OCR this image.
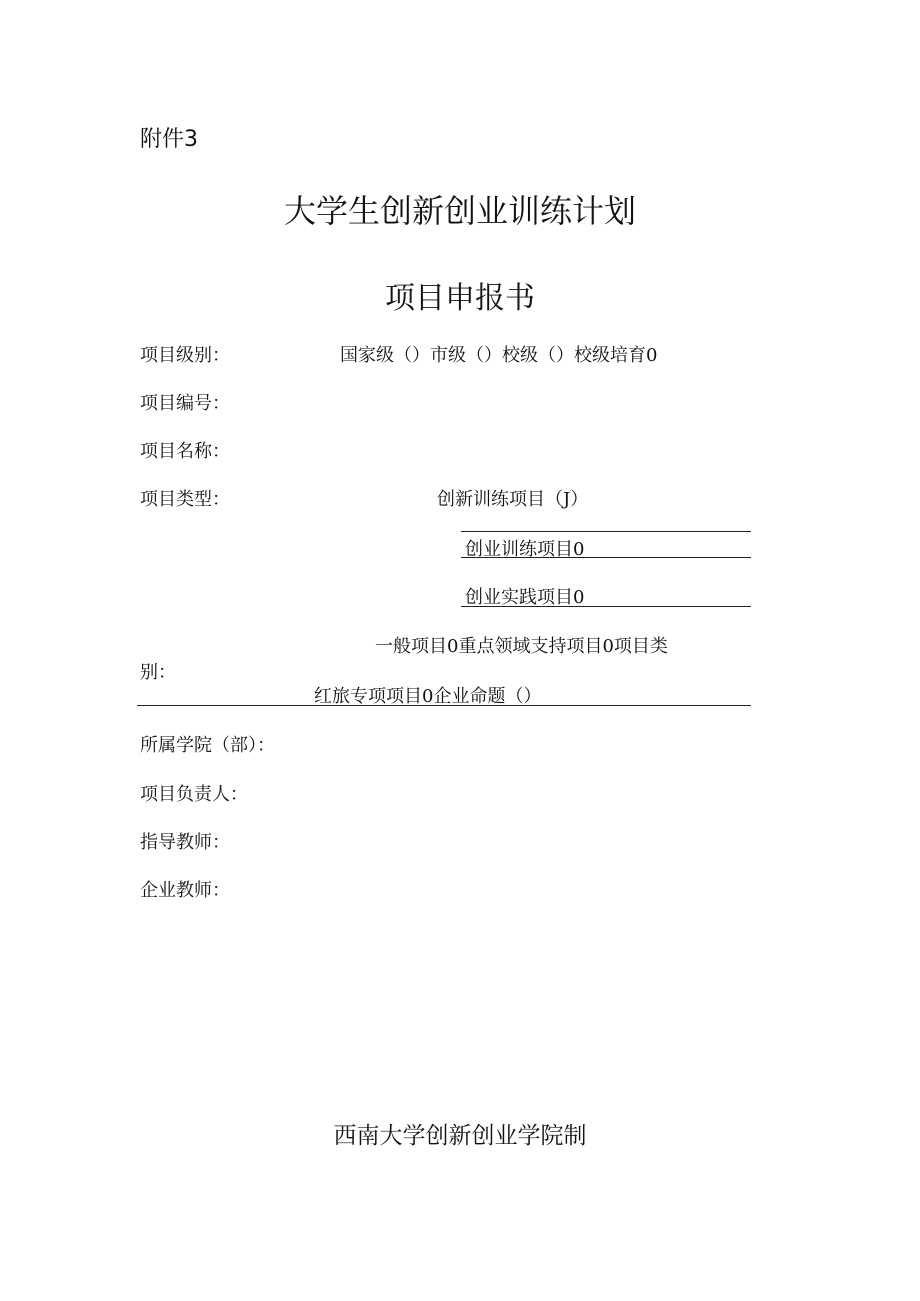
附件3
大学生创新创业训练计划
项目申报书
项目级别：	国家级（）市级（）校级（）校级培育0
项目编号：
项目名称：
项目类型：	创新训练项目（J）
创业训练项目0
创业实践项目0
一般项目0重点领域支持项目0项目类
别：
红旅专项项目0企业命题（）
所属学院（部）：
项目负责人：
指导教师：
企业教师：
西南大学创新创业学院制
